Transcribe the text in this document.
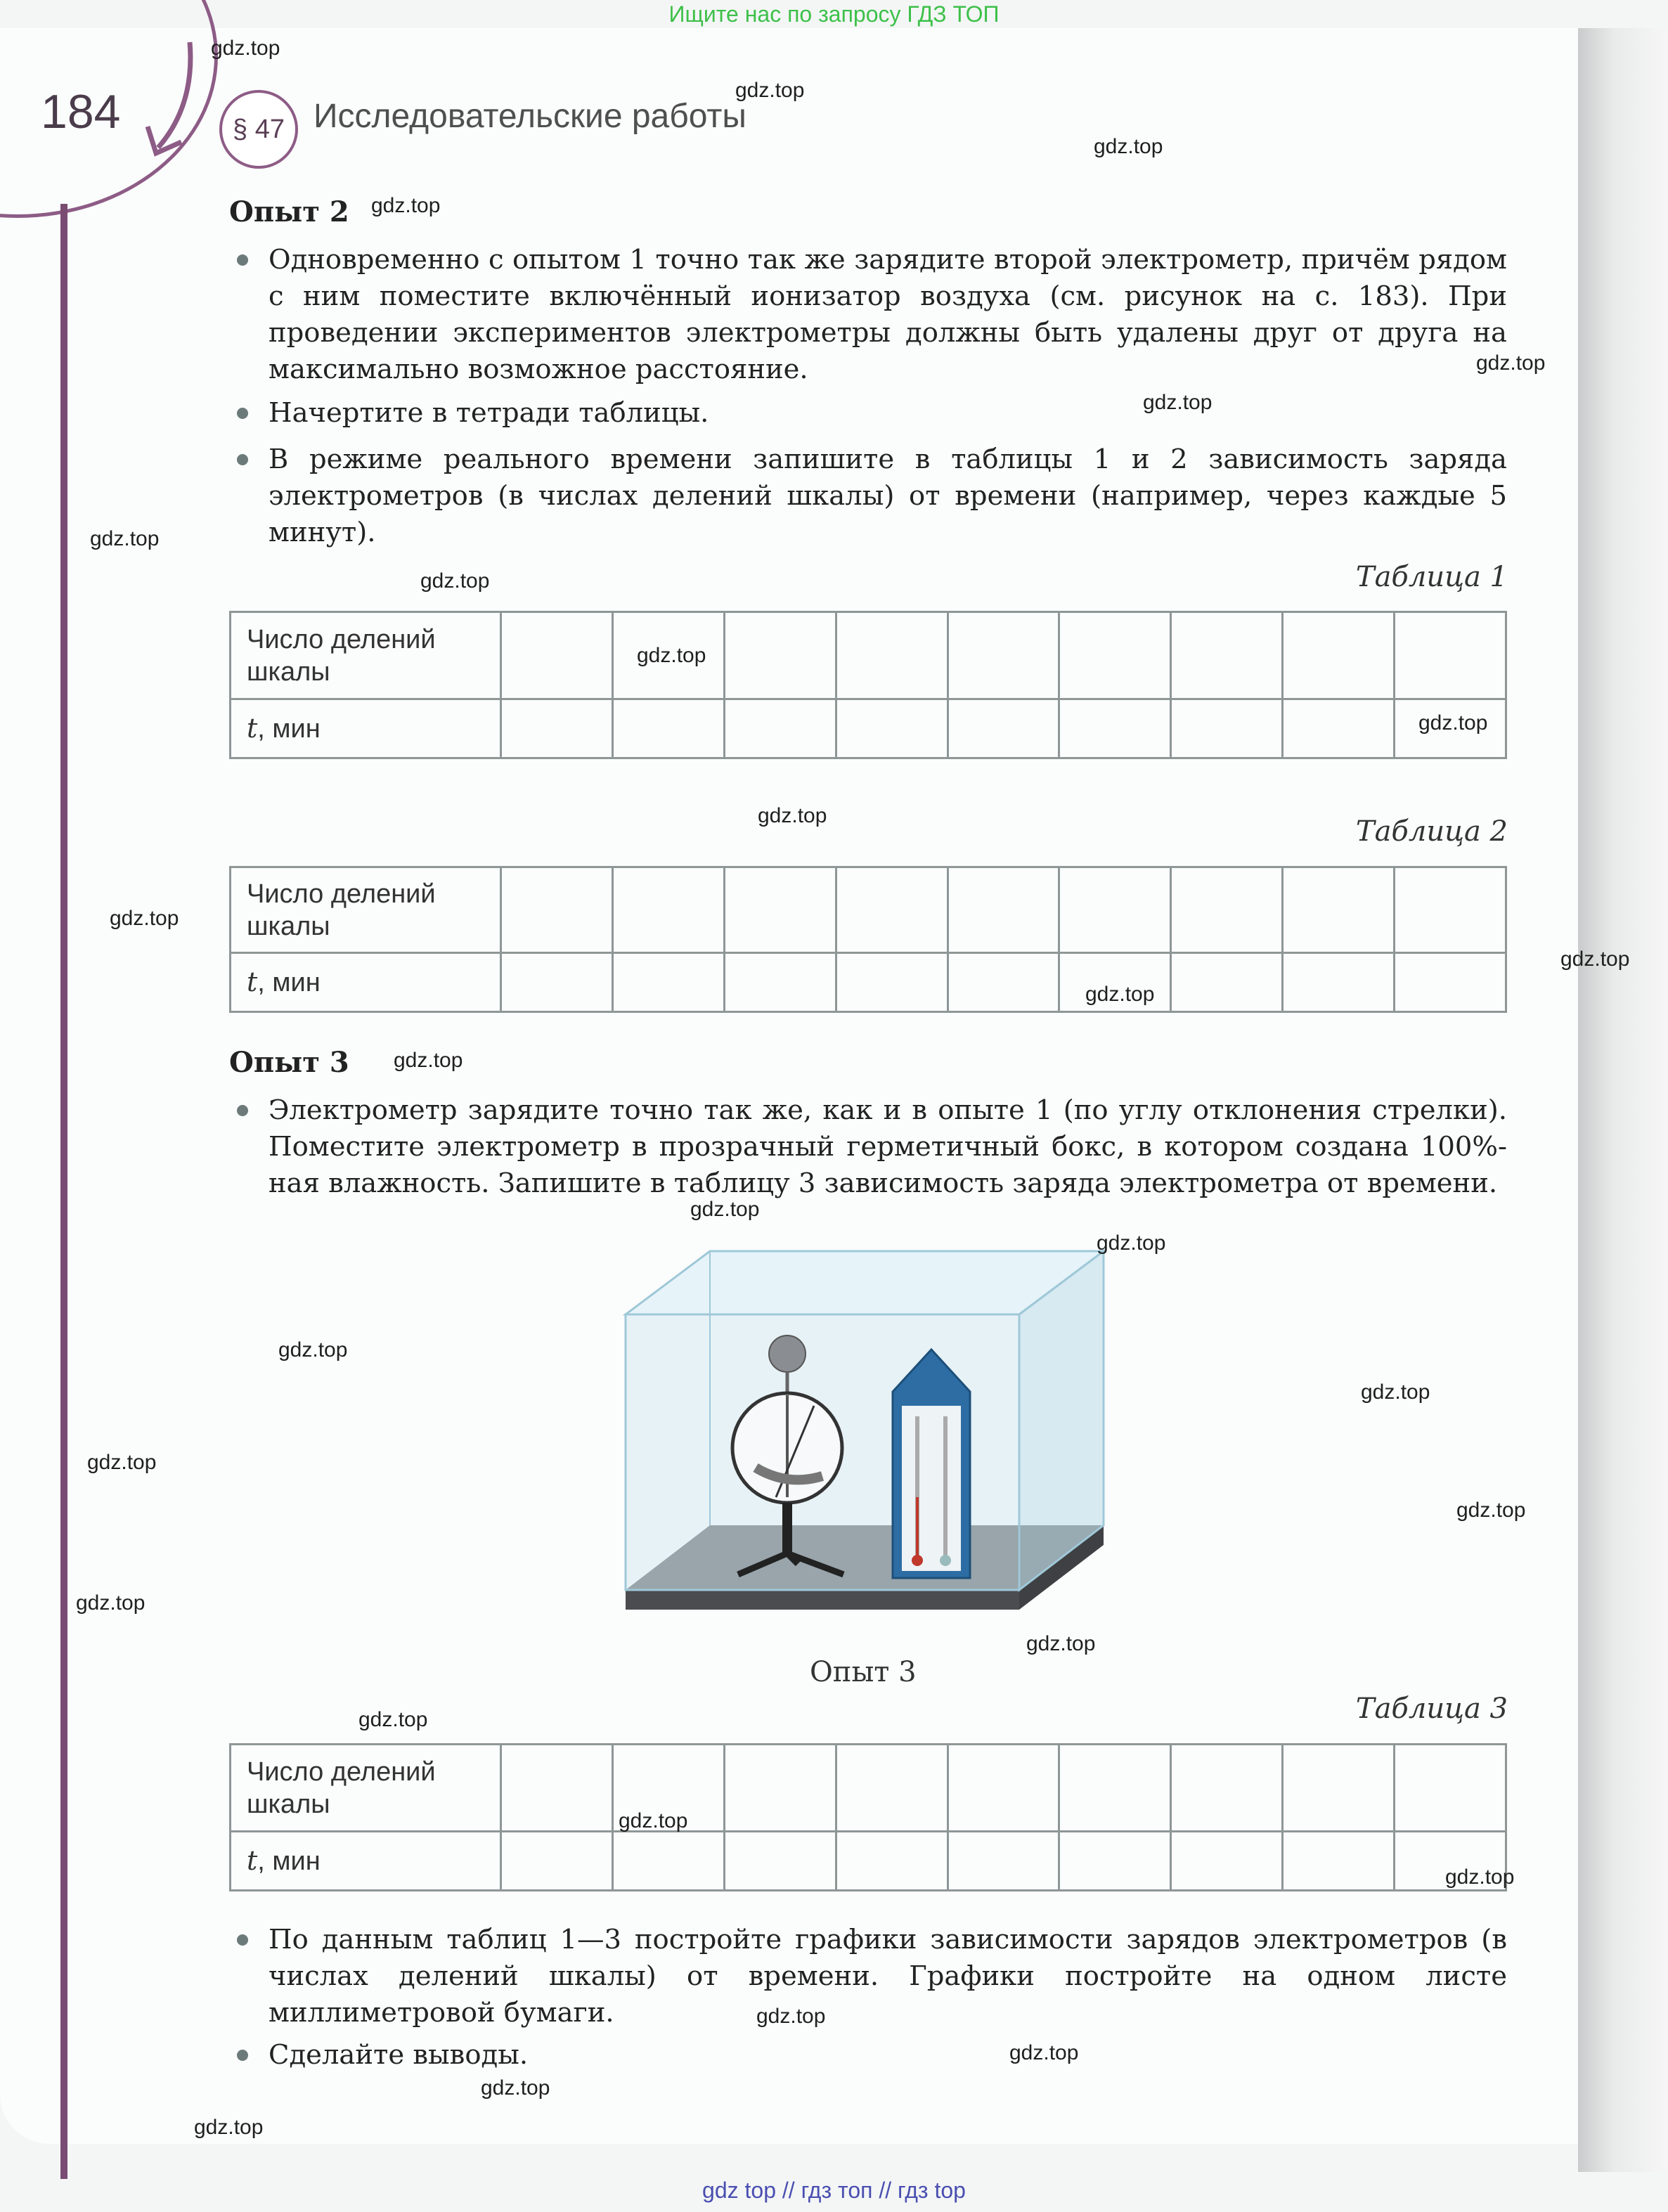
Ищите нас по запросу ГДЗ ТОП
184	§ 47 Исследовательские работы
Опыт 2
Одновременно с опытом 1 точно так же зарядите второй электрометр, причём рядом с ним поместите включённый ионизатор воздуха (см. рисунок на с. 183). При проведении экспериментов электрометры должны быть удалены друг от друга на максимально возможное расстояние.
Начертите в тетради таблицы.
В режиме реального времени запишите в таблицы 1 и 2 зависимость заряда электрометров (в числах делений шкалы) от времени (например, через каждые 5 минут).
Таблица 1
Число делений шкалы									
t, мин									
Таблица 2
Число делений шкалы									
t, мин									
Опыт 3
Электрометр зарядите точно так же, как и в опыте 1 (по углу отклонения стрелки). Поместите электрометр в прозрачный герметичный бокс, в котором создана 100%-ная влажность. Запишите в таблицу 3 зависимость заряда электрометра от времени.
Опыт 3
Таблица 3
Число делений шкалы									
t, мин									
По данным таблиц 1—3 постройте графики зависимости зарядов электрометров (в числах делений шкалы) от времени. Графики постройте на одном листе миллиметровой бумаги.
Сделайте выводы.
gdz.top
gdz.top
gdz.top
gdz.top
gdz.top
gdz.top
gdz.top
gdz.top
gdz.top
gdz.top
gdz.top
gdz.top
gdz.top
gdz.top
gdz.top
gdz.top
gdz.top
gdz.top
gdz.top
gdz.top
gdz.top
gdz.top
gdz.top
gdz.top
gdz.top
gdz.top
gdz.top
gdz.top
gdz.top
gdz.top
gdz top // гдз топ // гдз top
